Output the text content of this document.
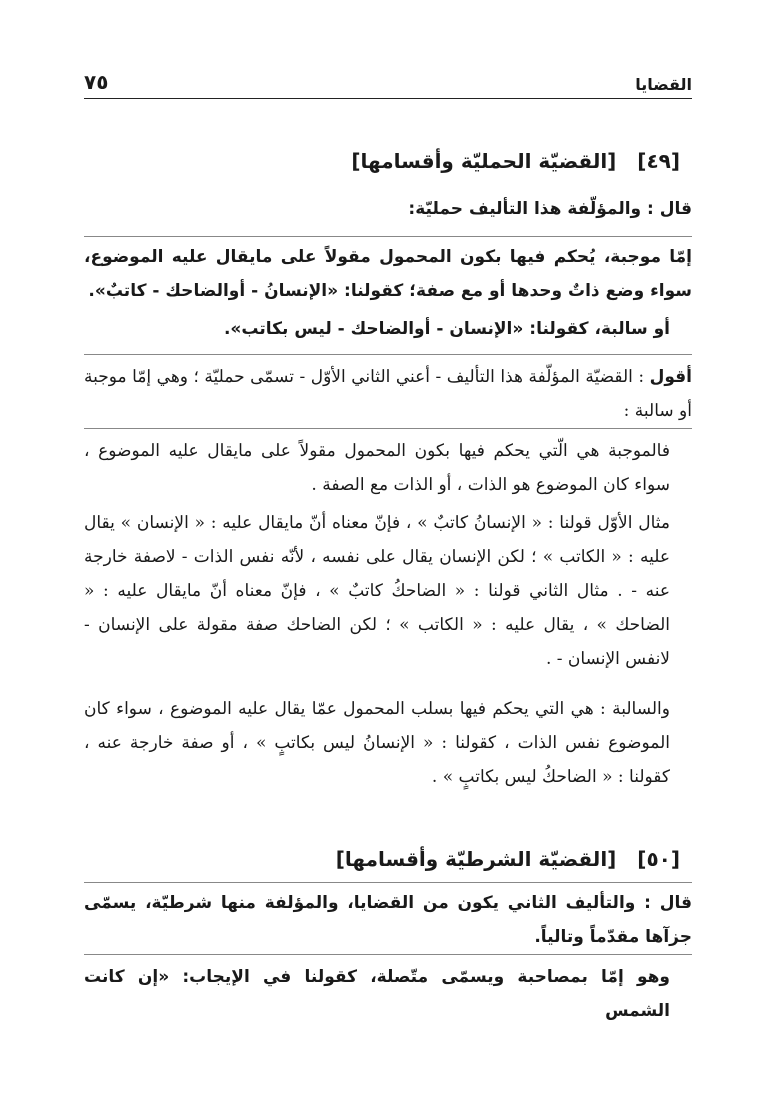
القضايا
٧٥
[٤٩] [القضيّة الحمليّة وأقسامها]
قال : والمؤلّفة هذا التأليف حمليّة:
إمّا موجبة، يُحكم فيها بكون المحمول مقولاً على مايقال عليه الموضوع، سواء وضع ذاتٌ وحدها أو مع صفة؛ كقولنا: «الإنسانُ - أوالضاحك - كاتبٌ».
أو سالبة، كقولنا: «الإنسان - أوالضاحك - ليس بكاتب».
أقول : القضيّة المؤلّفة هذا التأليف - أعني الثاني الأوّل - تسمّى حمليّة ؛ وهي إمّا موجبة أو سالبة :
فالموجبة هي الّتي يحكم فيها بكون المحمول مقولاً على مايقال عليه الموضوع ، سواء كان الموضوع هو الذات ، أو الذات مع الصفة .
مثال الأوّل قولنا : « الإنسانُ كاتبٌ » ، فإنّ معناه أنّ مايقال عليه : « الإنسان » يقال عليه : « الكاتب » ؛ لكن الإنسان يقال على نفسه ، لأنّه نفس الذات - لاصفة خارجة عنه - . مثال الثاني قولنا : « الضاحكُ كاتبٌ » ، فإنّ معناه أنّ مايقال عليه : « الضاحك » ، يقال عليه : « الكاتب » ؛ لكن الضاحك صفة مقولة على الإنسان - لانفس الإنسان - .
والسالبة : هي التي يحكم فيها بسلب المحمول عمّا يقال عليه الموضوع ، سواء كان الموضوع نفس الذات ، كقولنا : « الإنسانُ ليس بكاتبٍ » ، أو صفة خارجة عنه ، كقولنا : « الضاحكُ ليس بكاتبٍ » .
[٥٠] [القضيّة الشرطيّة وأقسامها]
قال : والتأليف الثاني يكون من القضايا، والمؤلفة منها شرطيّة، يسمّى جزآها مقدّماً وتالياً.
وهو إمّا بمصاحبة ويسمّى متّصلة، كقولنا في الإيجاب: «إن كانت الشمس
